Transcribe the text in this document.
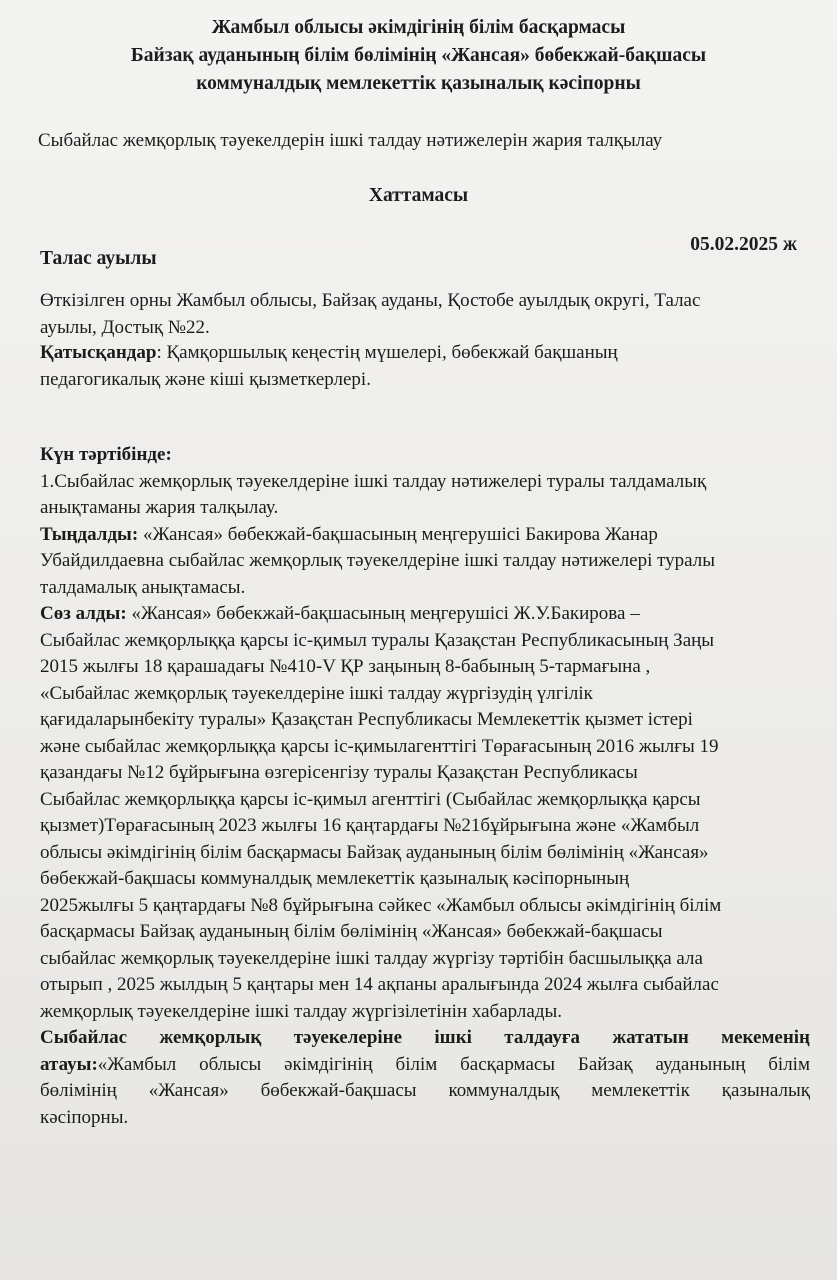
Жамбыл облысы әкімдігінің білім басқармасы
Байзақ ауданының білім бөлімінің «Жансая» бөбекжай-бақшасы
коммуналдық мемлекеттік қазыналық кәсіпорны
Сыбайлас жемқорлық тәуекелдерін ішкі талдау нәтижелерін жария талқылау
Хаттамасы
05.02.2025 ж
Талас ауылы
Өткізілген орны Жамбыл облысы, Байзақ ауданы, Қостобе ауылдық округі, Талас
ауылы, Достық №22.
Қатысқандар: Қамқоршылық кеңестің мүшелері, бөбекжай бақшаның
педагогикалық және кіші қызметкерлері.
Күн тәртібінде:
1.Сыбайлас жемқорлық тәуекелдеріне ішкі талдау нәтижелері туралы талдамалық
анықтаманы жария талқылау.
Тыңдалды: «Жансая» бөбекжай-бақшасының меңгерушісі Бакирова Жанар
Убайдилдаевна сыбайлас жемқорлық тәуекелдеріне ішкі талдау нәтижелері туралы
талдамалық анықтамасы.
Сөз алды: «Жансая» бөбекжай-бақшасының меңгерушісі Ж.У.Бакирова –
Сыбайлас жемқорлыққа қарсы іс-қимыл туралы Қазақстан Республикасының Заңы
2015 жылғы 18 қарашадағы №410-V ҚР заңының 8-бабының 5-тармағына ,
«Сыбайлас жемқорлық тәуекелдеріне ішкі талдау жүргізудің үлгілік
қағидаларынбекіту туралы» Қазақстан Республикасы Мемлекеттік қызмет істері
және сыбайлас жемқорлыққа қарсы іс-қимылагенттігі Төрағасының 2016 жылғы 19
қазандағы №12 бұйрығына өзгерісенгізу туралы Қазақстан Республикасы
Сыбайлас жемқорлыққа қарсы іс-қимыл агенттігі (Сыбайлас жемқорлыққа қарсы
қызмет)Төрағасының 2023 жылғы 16 қаңтардағы №21бұйрығына және «Жамбыл
облысы әкімдігінің білім басқармасы Байзақ ауданының білім бөлімінің «Жансая»
бөбекжай-бақшасы коммуналдық мемлекеттік қазыналық кәсіпорнының
2025жылғы 5 қаңтардағы №8 бұйрығына сәйкес «Жамбыл облысы әкімдігінің білім
басқармасы Байзақ ауданының білім бөлімінің «Жансая» бөбекжай-бақшасы
сыбайлас жемқорлық тәуекелдеріне ішкі талдау жүргізу тәртібін басшылыққа ала
отырып , 2025 жылдың 5 қаңтары мен 14 ақпаны аралығында 2024 жылға сыбайлас
жемқорлық тәуекелдеріне ішкі талдау жүргізілетінін хабарлады.
Сыбайлас жемқорлық тәуекелеріне ішкі талдауға жататын мекеменің
атауы:«Жамбыл облысы әкімдігінің білім басқармасы Байзақ ауданының білім
бөлімінің «Жансая» бөбекжай-бақшасы коммуналдық мемлекеттік қазыналық
кәсіпорны.
